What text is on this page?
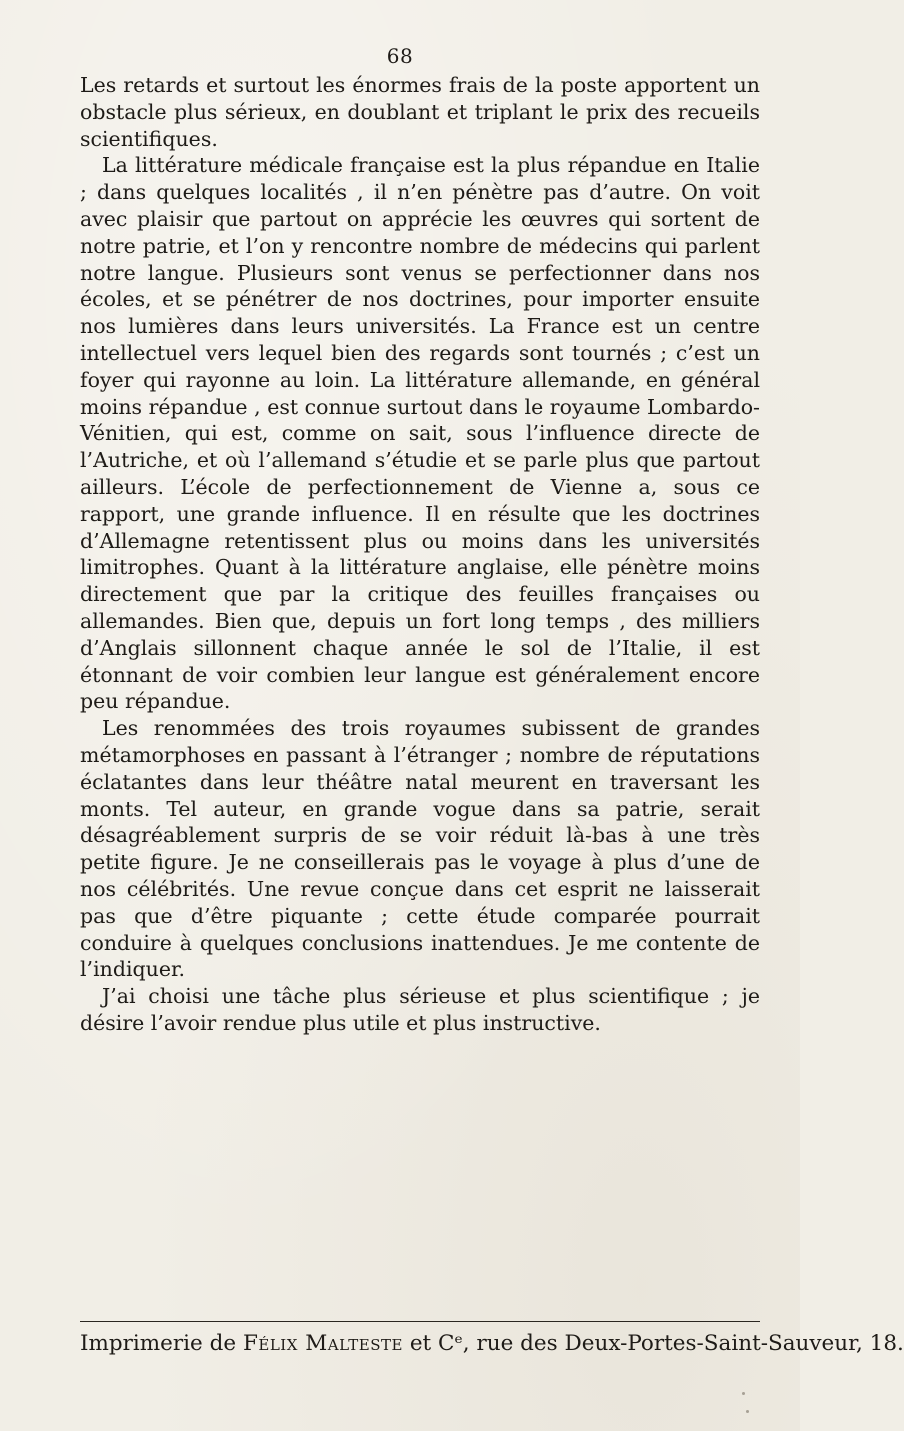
68

Les retards et surtout les énormes frais de la poste apportent un obstacle plus sérieux, en doublant et triplant le prix des recueils scientifiques.

La littérature médicale française est la plus répandue en Italie ; dans quelques localités , il n’en pénètre pas d’autre. On voit avec plaisir que partout on apprécie les œuvres qui sortent de notre patrie, et l’on y rencontre nombre de médecins qui parlent notre langue. Plusieurs sont venus se perfectionner dans nos écoles, et se pénétrer de nos doctrines, pour importer ensuite nos lumières dans leurs universités. La France est un centre intellectuel vers lequel bien des regards sont tournés ; c’est un foyer qui rayonne au loin. La littérature allemande, en général moins répandue , est connue surtout dans le royaume Lombardo-Vénitien, qui est, comme on sait, sous l’influence directe de l’Autriche, et où l’allemand s’étudie et se parle plus que partout ailleurs. L’école de perfectionnement de Vienne a, sous ce rapport, une grande influence. Il en résulte que les doctrines d’Allemagne retentissent plus ou moins dans les universités limitrophes. Quant à la littérature anglaise, elle pénètre moins directement que par la critique des feuilles françaises ou allemandes. Bien que, depuis un fort long temps , des milliers d’Anglais sillonnent chaque année le sol de l’Italie, il est étonnant de voir combien leur langue est généralement encore peu répandue.

Les renommées des trois royaumes subissent de grandes métamorphoses en passant à l’étranger ; nombre de réputations éclatantes dans leur théâtre natal meurent en traversant les monts. Tel auteur, en grande vogue dans sa patrie, serait désagréablement surpris de se voir réduit là-bas à une très petite figure. Je ne conseillerais pas le voyage à plus d’une de nos célébrités. Une revue conçue dans cet esprit ne laisserait pas que d’être piquante ; cette étude comparée pourrait conduire à quelques conclusions inattendues. Je me contente de l’indiquer.

J’ai choisi une tâche plus sérieuse et plus scientifique ; je désire l’avoir rendue plus utile et plus instructive.

Imprimerie de Félix Malteste et Cᵉ, rue des Deux-Portes-Saint-Sauveur, 18.
